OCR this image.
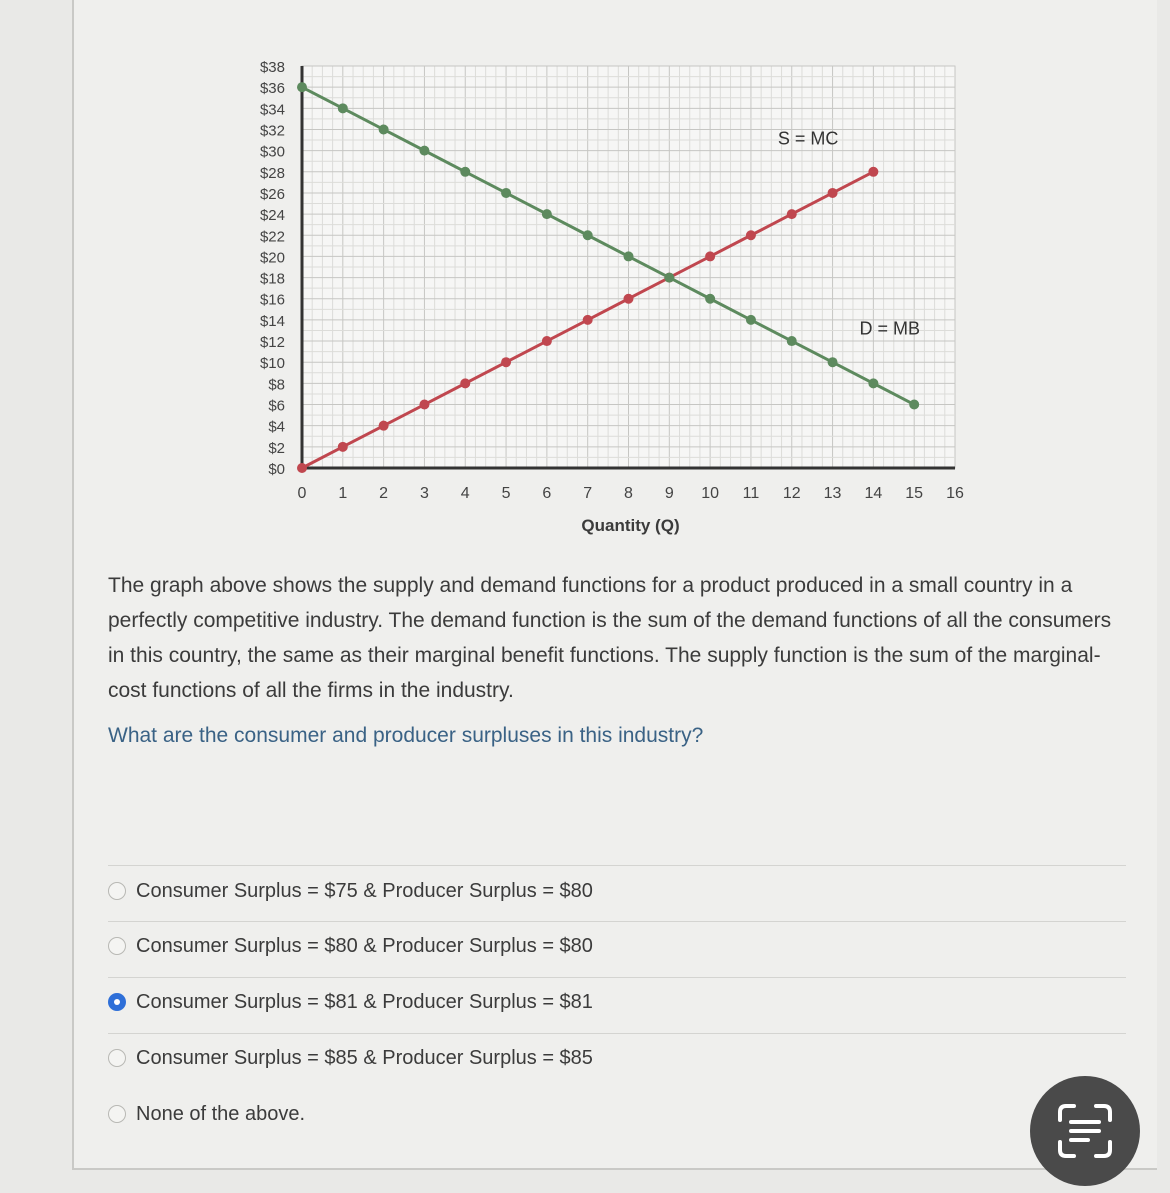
$38
$36
$34
$32
$30
$28
$26
$24
$22
$20
$18
$16
$14
$12
$10
$8
$6
$4
$2
$0
0 1 2 3 4 5 6 7 8 9 10 11 12 13 14 15 16
Quantity (Q)
S = MC
D = MB

The graph above shows the supply and demand functions for a product produced in a small country in a perfectly competitive industry. The demand function is the sum of the demand functions of all the consumers in this country, the same as their marginal benefit functions. The supply function is the sum of the marginal-cost functions of all the firms in the industry.

What are the consumer and producer surpluses in this industry?

Consumer Surplus = $75 & Producer Surplus = $80
Consumer Surplus = $80 & Producer Surplus = $80
Consumer Surplus = $81 & Producer Surplus = $81
Consumer Surplus = $85 & Producer Surplus = $85
None of the above.
